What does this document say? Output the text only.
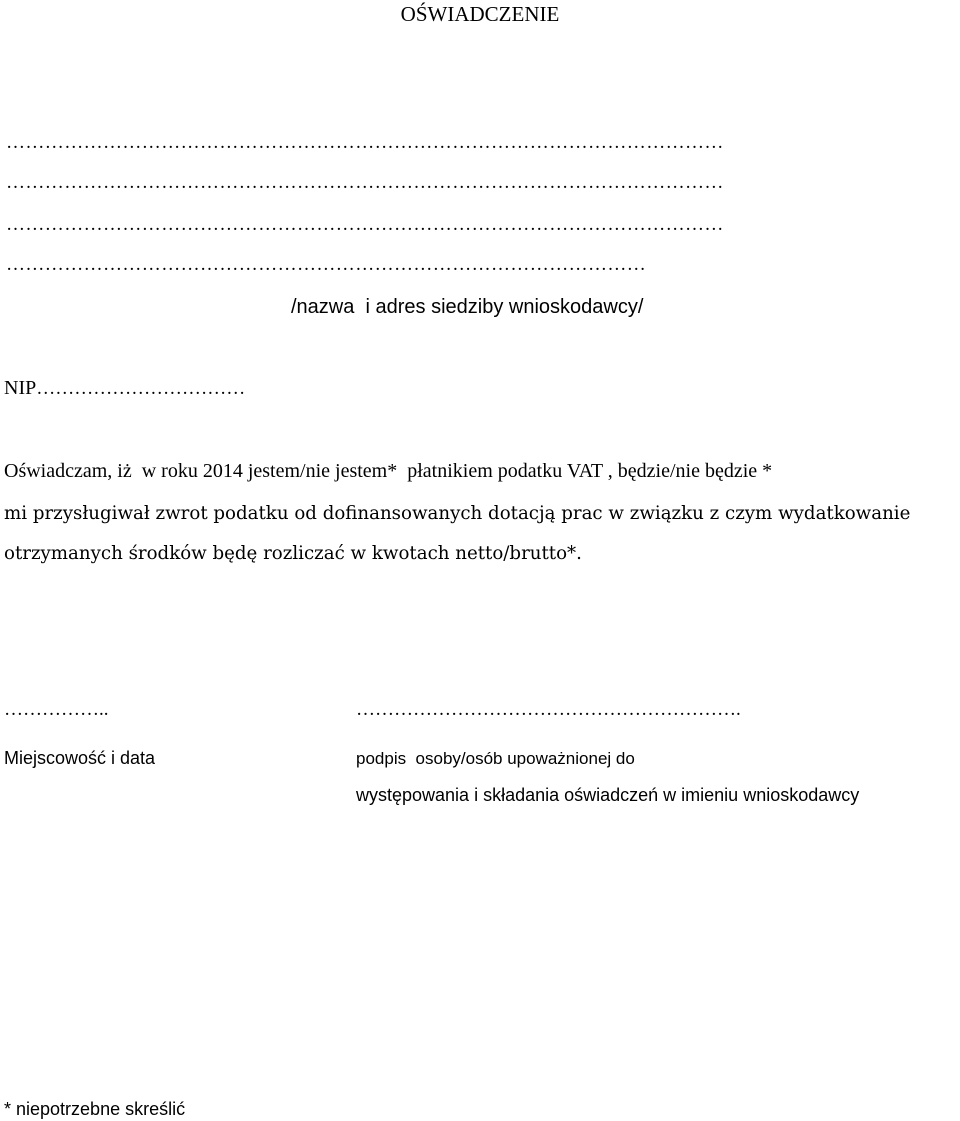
OŚWIADCZENIE
…………………………………………………………………………………………………
…………………………………………………………………………………………………
…………………………………………………………………………………………………
………………………………………………………………………………………
/nazwa  i adres siedziby wnioskodawcy/
NIP……………………………
Oświadczam, iż  w roku 2014 jestem/nie jestem*  płatnikiem podatku VAT , będzie/nie będzie *
mi przysługiwał zwrot podatku od dofinansowanych dotacją prac w związku z czym wydatkowanie
otrzymanych środków będę rozliczać w kwotach netto/brutto*.
……………..	…………………………………………………….
Miejscowość i data	podpis  osoby/osób upoważnionej do
występowania i składania oświadczeń w imieniu wnioskodawcy
* niepotrzebne skreślić
